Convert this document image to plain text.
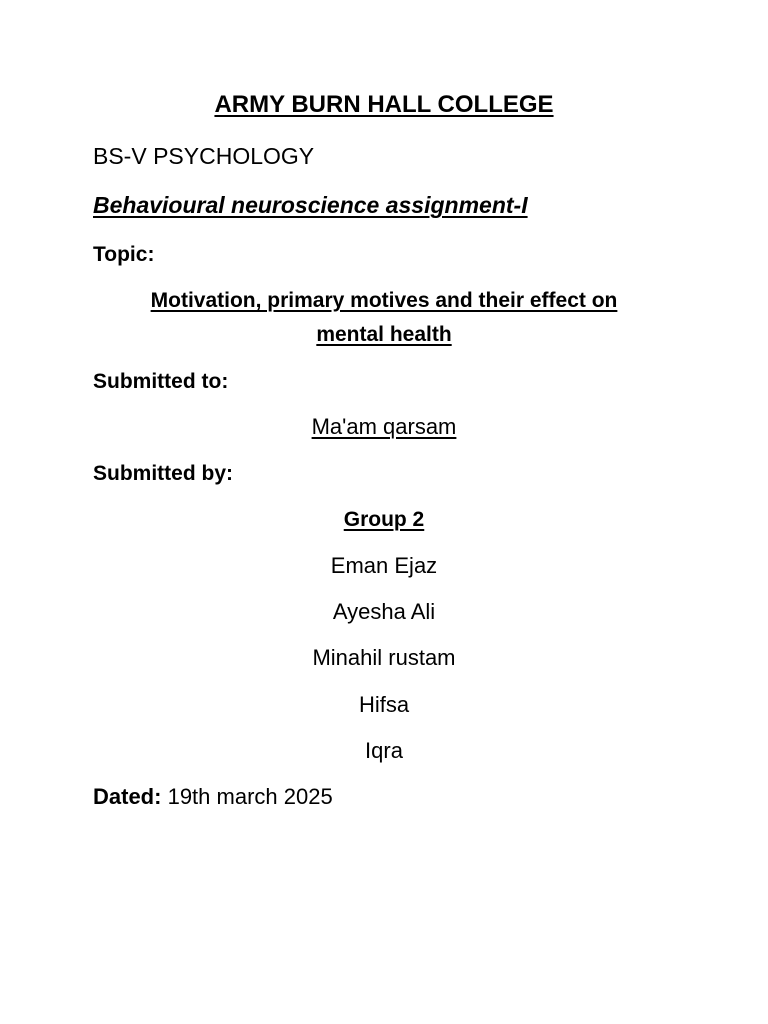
ARMY BURN HALL COLLEGE
BS-V PSYCHOLOGY
Behavioural neuroscience assignment-I
Topic:
Motivation, primary motives and their effect on
mental health
Submitted to:
Ma'am qarsam
Submitted by:
Group 2
Eman Ejaz
Ayesha Ali
Minahil rustam
Hifsa
Iqra
Dated: 19th march 2025
